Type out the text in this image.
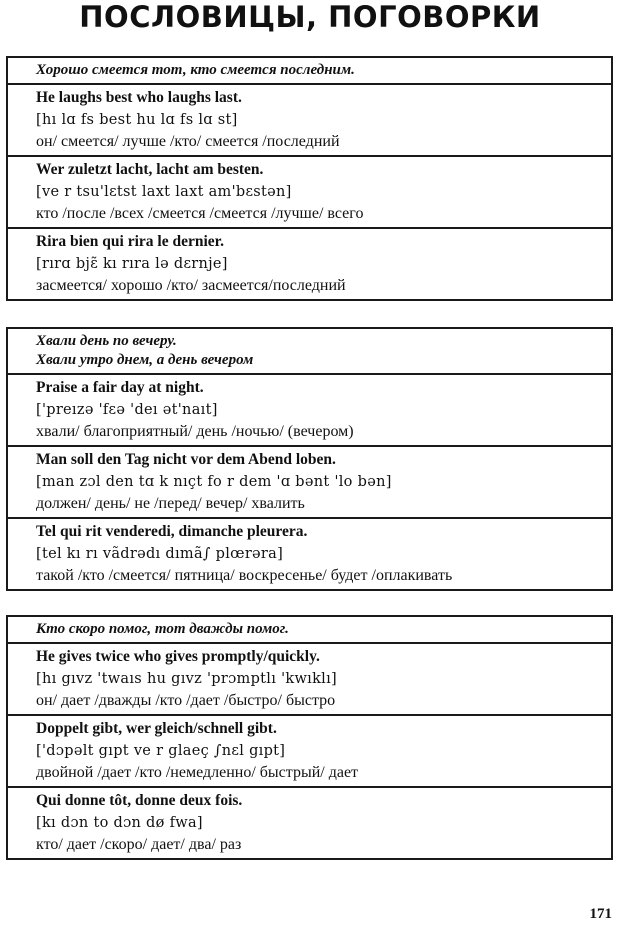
ПОСЛОВИЦЫ, ПОГОВОРКИ
Хорошо смеется тот, кто смеется последним.
He laughs best who laughs last.
[hı lɑ fs best hu lɑ fs lɑ st]
он/ смеется/ лучше /кто/ смеется /последний
Wer zuletzt lacht, lacht am besten.
[ve r tsu'lɛtst laxt laxt am'bɛstən]
кто /после /всех /смеется /смеется /лучше/ всего
Rira bien qui rira le dernier.
[rırɑ bjɛ̃ kı rıra lə dɛrnje]
засмеется/ хорошо /кто/ засмеется/последний
Хвали день по вечеру.
Хвали утро днем, а день вечером
Praise a fair day at night.
['preızə 'fɛə 'deı ət'naıt]
хвали/ благоприятный/ день /ночью/ (вечером)
Man soll den Tag nicht vor dem Abend loben.
[man zɔl den tɑ k nıçt fo r dem 'ɑ bənt 'lo bən]
должен/ день/ не /перед/ вечер/ хвалить
Tel qui rit venderedi, dimanche pleurera.
[tel kı rı vãdrədı dımã∫ plœrəra]
такой /кто /смеется/ пятница/ воскресенье/ будет /оплакивать
Кто скоро помог, тот дважды помог.
He gives twice who gives promptly/quickly.
[hı gıvz 'twaıs hu gıvz 'prɔmptlı 'kwıklı]
он/ дает /дважды /кто /дает /быстро/ быстро
Doppelt gibt, wer gleich/schnell gibt.
['dɔpəlt gıpt ve r glaeç ∫nɛl gıpt]
двойной /дает /кто /немедленно/ быстрый/ дает
Qui donne tôt, donne deux fois.
[kı dɔn to dɔn dø fwa]
кто/ дает /скоро/ дает/ два/ раз
171
